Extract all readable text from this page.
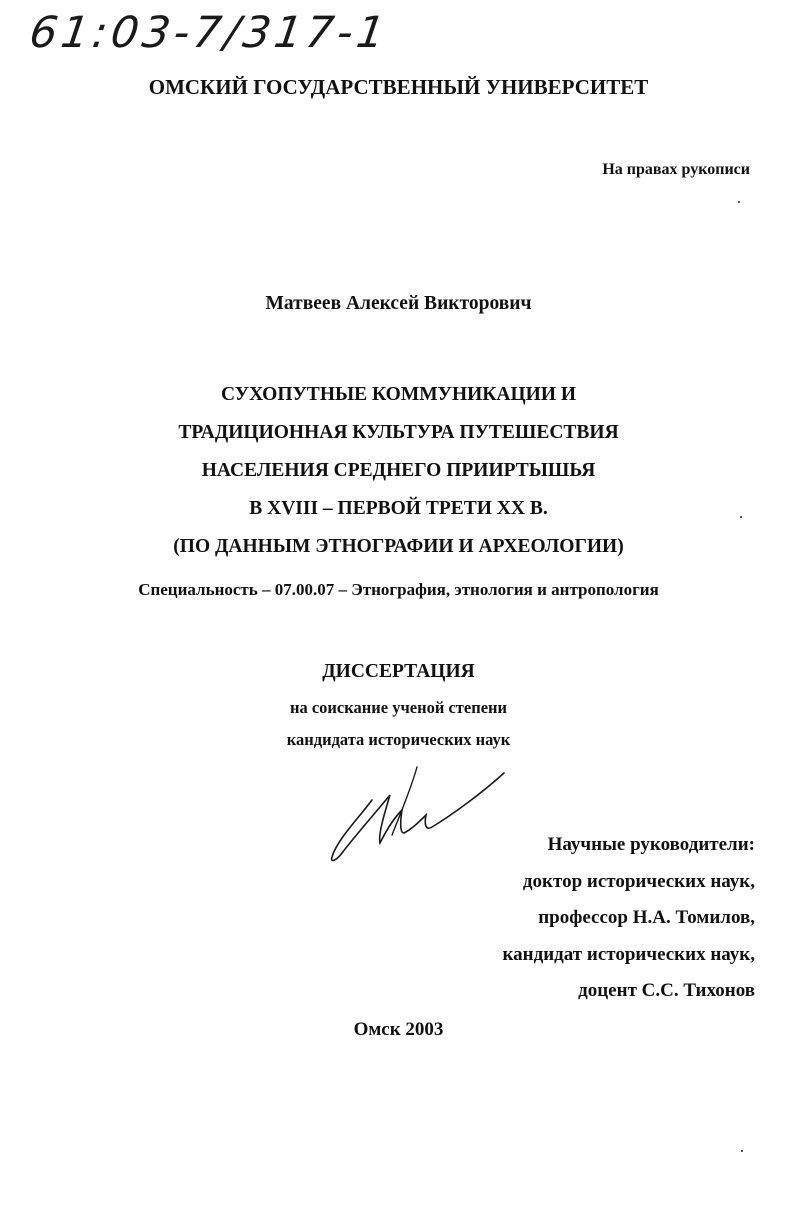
61:03-7/317-1
ОМСКИЙ ГОСУДАРСТВЕННЫЙ УНИВЕРСИТЕТ
На правах рукописи
Матвеев Алексей Викторович
СУХОПУТНЫЕ КОММУНИКАЦИИ И
ТРАДИЦИОННАЯ КУЛЬТУРА ПУТЕШЕСТВИЯ
НАСЕЛЕНИЯ СРЕДНЕГО ПРИИРТЫШЬЯ
В XVIII – ПЕРВОЙ ТРЕТИ XX В.
(ПО ДАННЫМ ЭТНОГРАФИИ И АРХЕОЛОГИИ)
Специальность – 07.00.07 – Этнография, этнология и антропология
ДИССЕРТАЦИЯ
на соискание ученой степени
кандидата исторических наук
Научные руководители:
доктор исторических наук,
профессор Н.А. Томилов,
кандидат исторических наук,
доцент С.С. Тихонов
Омск 2003
